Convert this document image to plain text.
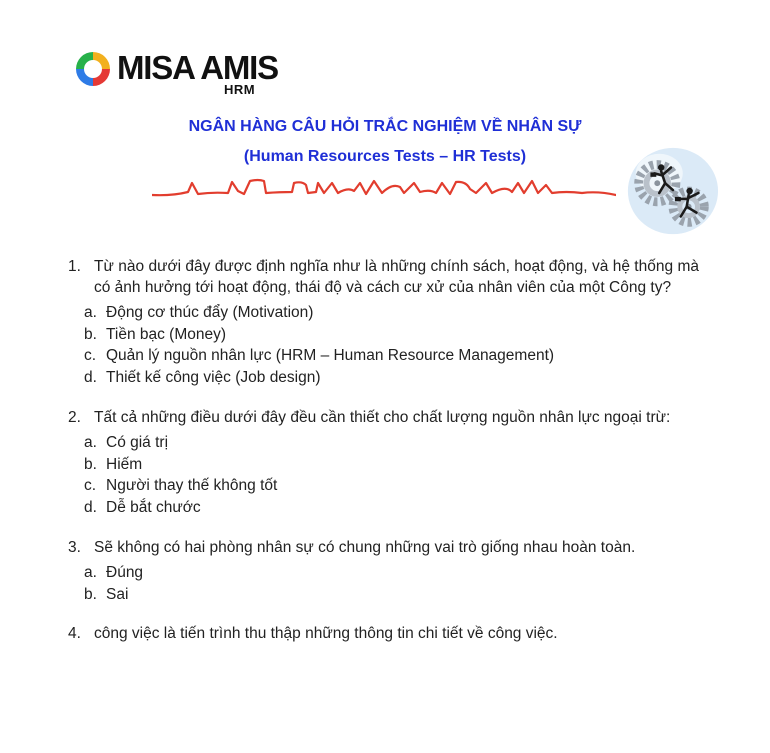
MISA AMIS
HRM
NGÂN HÀNG CÂU HỎI TRẮC NGHIỆM VỀ NHÂN SỰ
(Human Resources Tests – HR Tests)
1. Từ nào dưới đây được định nghĩa như là những chính sách, hoạt động, và hệ thống mà có ảnh hưởng tới hoạt động, thái độ và cách cư xử của nhân viên của một Công ty?
a. Động cơ thúc đẩy (Motivation)
b. Tiền bạc (Money)
c. Quản lý nguồn nhân lực (HRM – Human Resource Management)
d. Thiết kế công việc (Job design)
2. Tất cả những điều dưới đây đều cần thiết cho chất lượng nguồn nhân lực ngoại trừ:
a. Có giá trị
b. Hiếm
c. Người thay thế không tốt
d. Dễ bắt chước
3. Sẽ không có hai phòng nhân sự có chung những vai trò giống nhau hoàn toàn.
a. Đúng
b. Sai
4. công việc là tiến trình thu thập những thông tin chi tiết về công việc.
